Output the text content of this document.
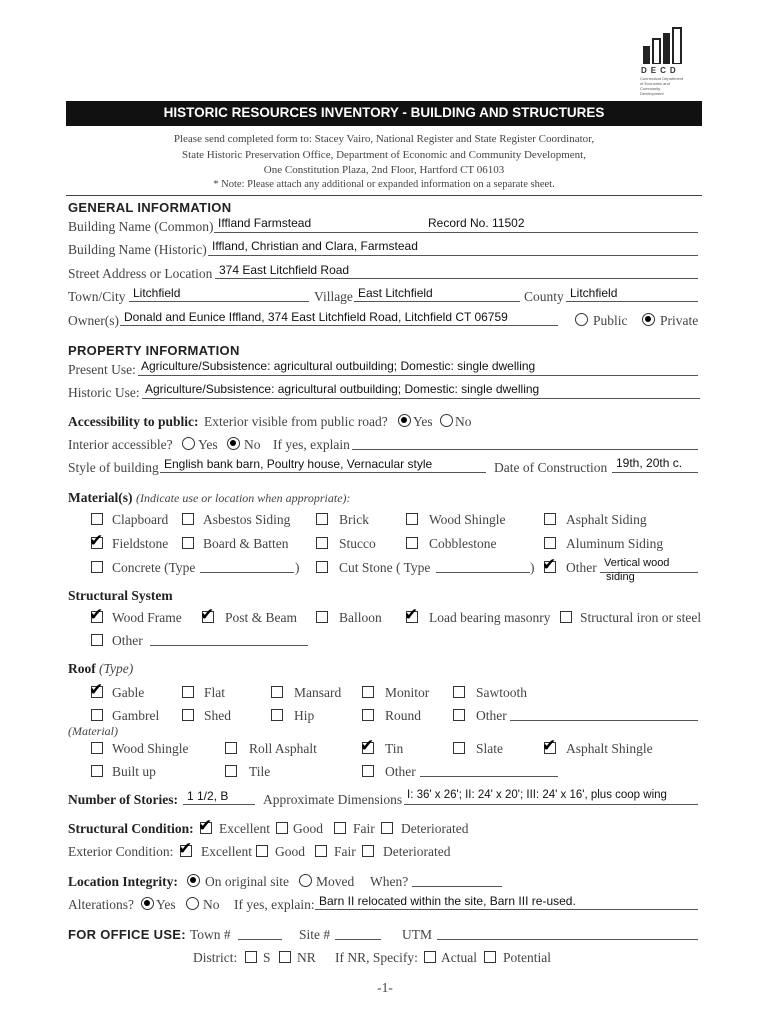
DECD
Connecticut Department of Economic and Community Development
HISTORIC RESOURCES INVENTORY - BUILDING AND STRUCTURES
Please send completed form to: Stacey Vairo, National Register and State Register Coordinator,
State Historic Preservation Office, Department of Economic and Community Development,
One Constitution Plaza, 2nd Floor, Hartford CT 06103
* Note: Please attach any additional or expanded information on a separate sheet.
GENERAL INFORMATION
Building Name (Common) Iffland Farmstead	Record No. 11502
Building Name (Historic) Iffland, Christian and Clara, Farmstead
Street Address or Location 374 East Litchfield Road
Town/City Litchfield	Village East Litchfield	County Litchfield
Owner(s) Donald and Eunice Iffland, 374 East Litchfield Road, Litchfield CT 06759	Public Private
PROPERTY INFORMATION
Present Use: Agriculture/Subsistence: agricultural outbuilding; Domestic: single dwelling
Historic Use: Agriculture/Subsistence: agricultural outbuilding; Domestic: single dwelling
Accessibility to public: Exterior visible from public road? Yes No
Interior accessible? Yes No If yes, explain
Style of building English bank barn, Poultry house, Vernacular style	Date of Construction 19th, 20th c.
Material(s) (Indicate use or location when appropriate):
Clapboard	Asbestos Siding	Brick	Wood Shingle	Asphalt Siding
✔ Fieldstone	Board & Batten	Stucco	Cobblestone	Aluminum Siding
Concrete (Type	)	Cut Stone ( Type	) ✔ Other Vertical wood
siding
Structural System
✔ Wood Frame ✔ Post & Beam	Balloon ✔ Load bearing masonry Structural iron or steel
Other
Roof (Type)
✔ Gable	Flat	Mansard	Monitor	Sawtooth
Gambrel	Shed	Hip	Round	Other
(Material)
Wood Shingle	Roll Asphalt	✔ Tin	Slate ✔ Asphalt Shingle
Built up	Tile	Other
Number of Stories: 1 1/2, B	Approximate Dimensions I: 36' x 26'; II: 24' x 20'; III: 24' x 16', plus coop wing
Structural Condition: ✔ Excellent Good Fair Deteriorated
Exterior Condition: ✔ Excellent Good Fair Deteriorated
Location Integrity: On original site Moved When?
Alterations? Yes No If yes, explain: Barn II relocated within the site, Barn III re-used.
FOR OFFICE USE: Town #	Site #	UTM
District: S NR If NR, Specify: Actual Potential
-1-
